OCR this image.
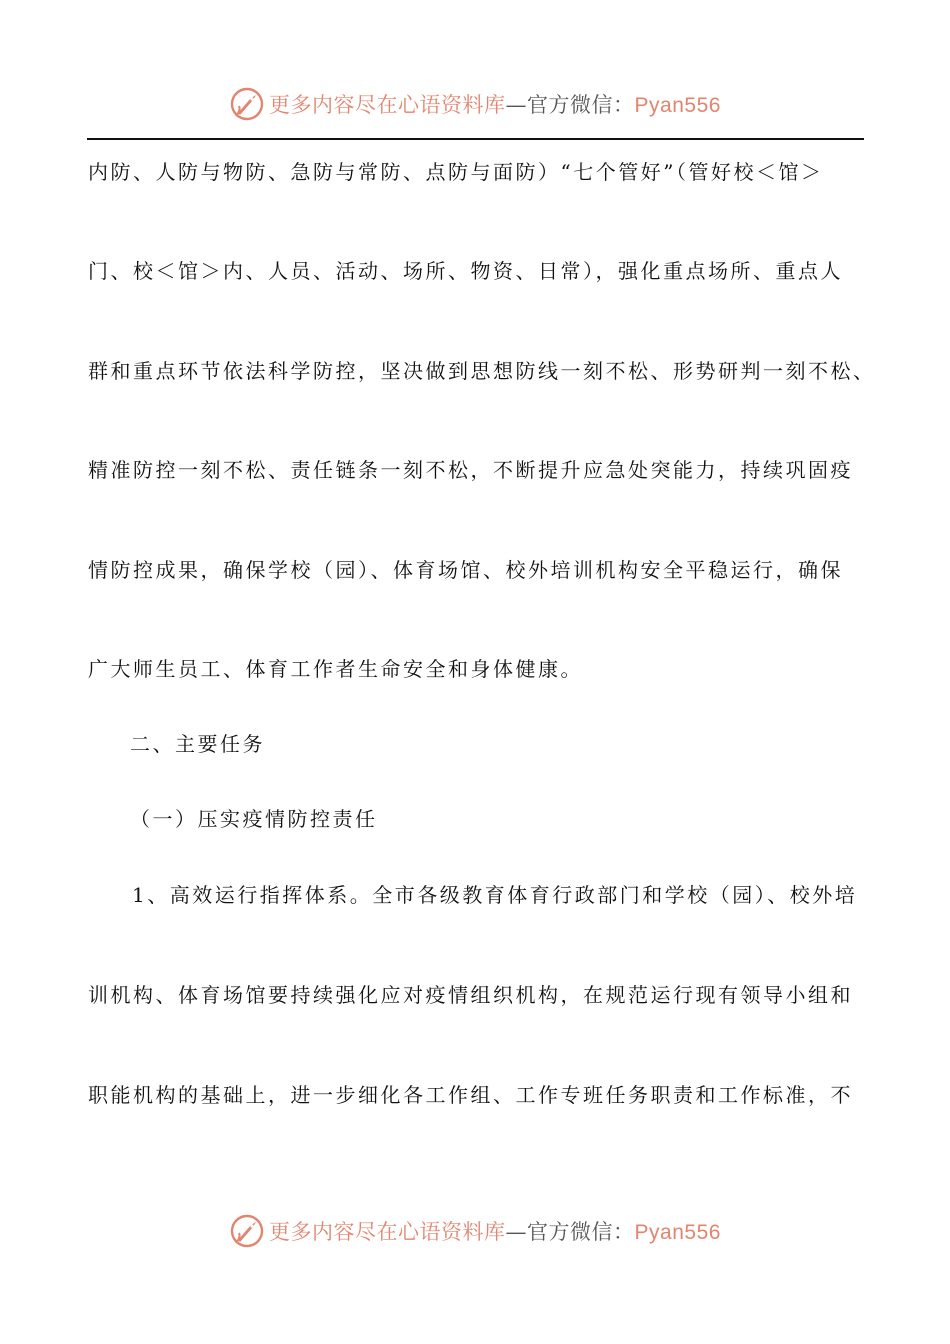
更多内容尽在心语资料库—官方微信：Pyan556
内防、人防与物防、急防与常防、点防与面防）“七个管好”（管好校＜馆＞
门、校＜馆＞内、人员、活动、场所、物资、日常），强化重点场所、重点人
群和重点环节依法科学防控，坚决做到思想防线一刻不松、形势研判一刻不松、
精准防控一刻不松、责任链条一刻不松，不断提升应急处突能力，持续巩固疫
情防控成果，确保学校（园）、体育场馆、校外培训机构安全平稳运行，确保
广大师生员工、体育工作者生命安全和身体健康。
二、主要任务
（一）压实疫情防控责任
1、高效运行指挥体系。全市各级教育体育行政部门和学校（园）、校外培
训机构、体育场馆要持续强化应对疫情组织机构，在规范运行现有领导小组和
职能机构的基础上，进一步细化各工作组、工作专班任务职责和工作标准，不
更多内容尽在心语资料库—官方微信：Pyan556
